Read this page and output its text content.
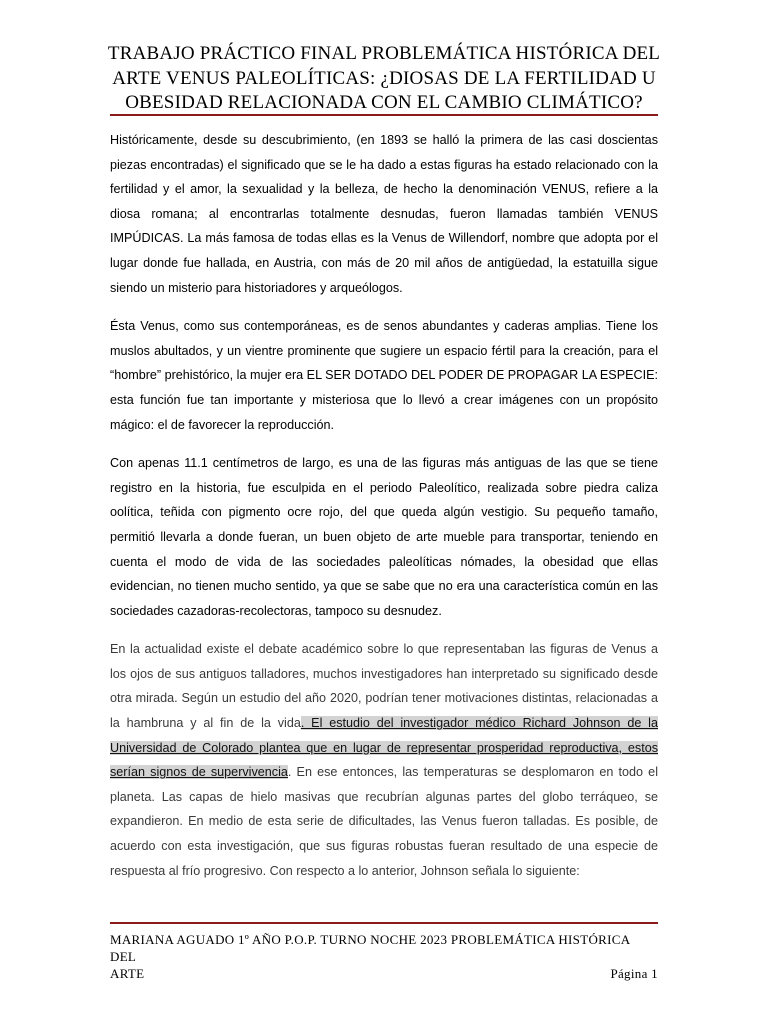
TRABAJO PRÁCTICO FINAL PROBLEMÁTICA HISTÓRICA DEL ARTE VENUS PALEOLÍTICAS: ¿DIOSAS DE LA FERTILIDAD U OBESIDAD RELACIONADA CON EL CAMBIO CLIMÁTICO?

Históricamente, desde su descubrimiento, (en 1893 se halló la primera de las casi doscientas piezas encontradas) el significado que se le ha dado a estas figuras ha estado relacionado con la fertilidad y el amor, la sexualidad y la belleza, de hecho la denominación VENUS, refiere a la diosa romana; al encontrarlas totalmente desnudas, fueron llamadas también VENUS IMPÚDICAS. La más famosa de todas ellas es la Venus de Willendorf, nombre que adopta por el lugar donde fue hallada, en Austria, con más de 20 mil años de antigüedad, la estatuilla sigue siendo un misterio para historiadores y arqueólogos.

Ésta Venus, como sus contemporáneas, es de senos abundantes y caderas amplias. Tiene los muslos abultados, y un vientre prominente que sugiere un espacio fértil para la creación, para el “hombre” prehistórico, la mujer era EL SER DOTADO DEL PODER DE PROPAGAR LA ESPECIE: esta función fue tan importante y misteriosa que lo llevó a crear imágenes con un propósito mágico: el de favorecer la reproducción.

Con apenas 11.1 centímetros de largo, es una de las figuras más antiguas de las que se tiene registro en la historia, fue esculpida en el periodo Paleolítico, realizada sobre piedra caliza oolítica, teñida con pigmento ocre rojo, del que queda algún vestigio. Su pequeño tamaño, permitió llevarla a donde fueran, un buen objeto de arte mueble para transportar, teniendo en cuenta el modo de vida de las sociedades paleolíticas nómades, la obesidad que ellas evidencian, no tienen mucho sentido, ya que se sabe que no era una característica común en las sociedades cazadoras-recolectoras, tampoco su desnudez.

En la actualidad existe el debate académico sobre lo que representaban las figuras de Venus a los ojos de sus antiguos talladores, muchos investigadores han interpretado su significado desde otra mirada. Según un estudio del año 2020, podrían tener motivaciones distintas, relacionadas a la hambruna y al fin de la vida. El estudio del investigador médico Richard Johnson de la Universidad de Colorado plantea que en lugar de representar prosperidad reproductiva, estos serían signos de supervivencia. En ese entonces, las temperaturas se desplomaron en todo el planeta. Las capas de hielo masivas que recubrían algunas partes del globo terráqueo, se expandieron. En medio de esta serie de dificultades, las Venus fueron talladas. Es posible, de acuerdo con esta investigación, que sus figuras robustas fueran resultado de una especie de respuesta al frío progresivo. Con respecto a lo anterior, Johnson señala lo siguiente:

MARIANA AGUADO 1º AÑO P.O.P. TURNO NOCHE 2023 PROBLEMÁTICA HISTÓRICA DEL
ARTE	Página 1
